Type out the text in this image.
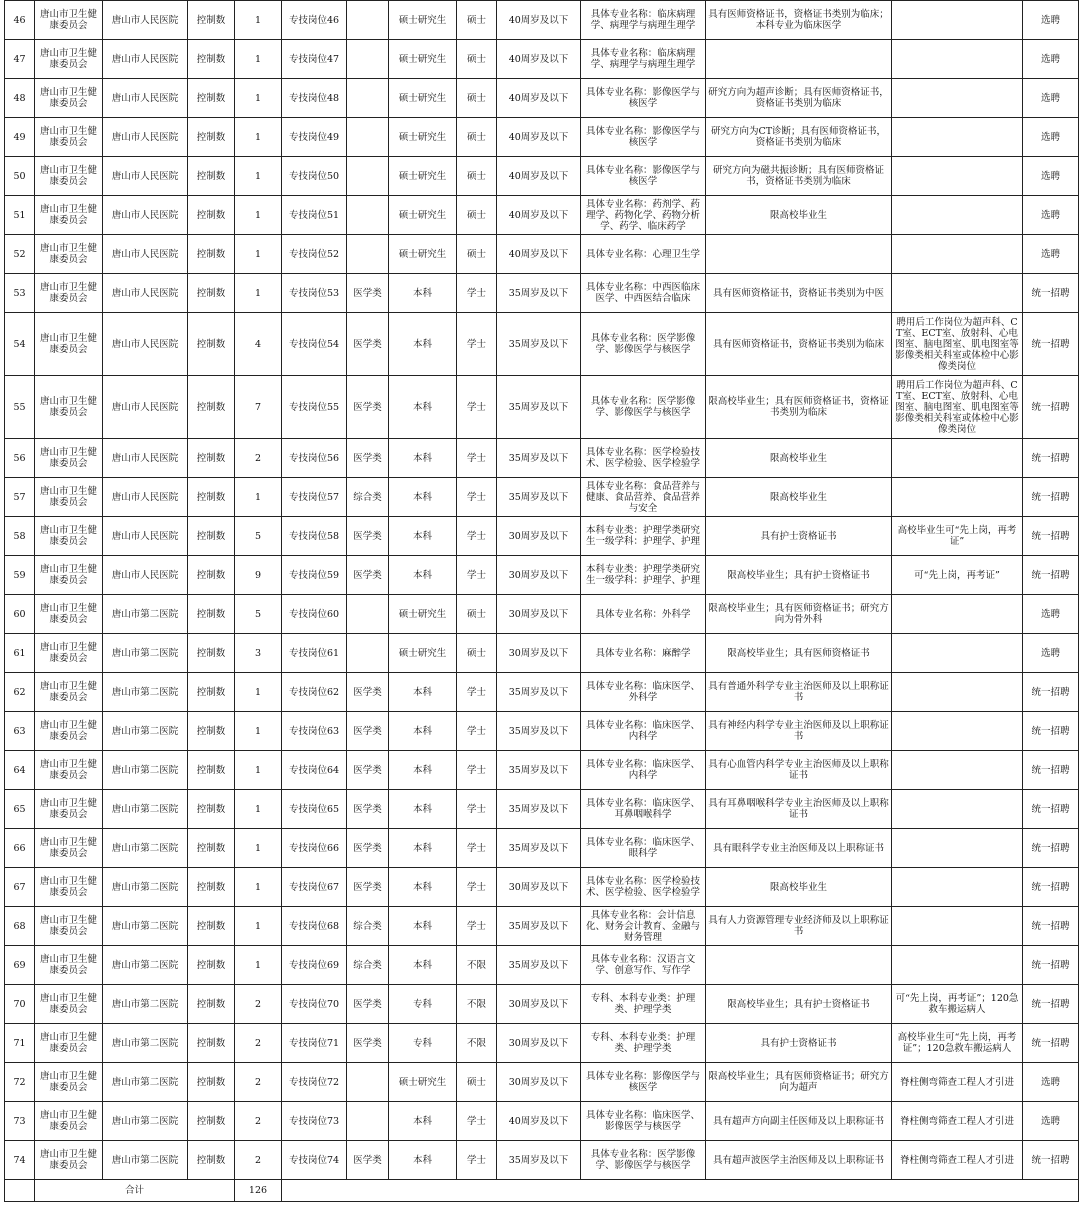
46	唐山市卫生健康委员会	唐山市人民医院	控制数	1	专技岗位46		硕士研究生	硕士	40周岁及以下	具体专业名称：临床病理学、病理学与病理生理学	具有医师资格证书，资格证书类别为临床；本科专业为临床医学		选聘
47	唐山市卫生健康委员会	唐山市人民医院	控制数	1	专技岗位47		硕士研究生	硕士	40周岁及以下	具体专业名称：临床病理学、病理学与病理生理学			选聘
48	唐山市卫生健康委员会	唐山市人民医院	控制数	1	专技岗位48		硕士研究生	硕士	40周岁及以下	具体专业名称：影像医学与核医学	研究方向为超声诊断；具有医师资格证书，资格证书类别为临床		选聘
49	唐山市卫生健康委员会	唐山市人民医院	控制数	1	专技岗位49		硕士研究生	硕士	40周岁及以下	具体专业名称：影像医学与核医学	研究方向为CT诊断；具有医师资格证书，资格证书类别为临床		选聘
50	唐山市卫生健康委员会	唐山市人民医院	控制数	1	专技岗位50		硕士研究生	硕士	40周岁及以下	具体专业名称：影像医学与核医学	研究方向为磁共振诊断；具有医师资格证书，资格证书类别为临床		选聘
51	唐山市卫生健康委员会	唐山市人民医院	控制数	1	专技岗位51		硕士研究生	硕士	40周岁及以下	具体专业名称：药剂学、药理学、药物化学、药物分析学、药学、临床药学	限高校毕业生		选聘
52	唐山市卫生健康委员会	唐山市人民医院	控制数	1	专技岗位52		硕士研究生	硕士	40周岁及以下	具体专业名称：心理卫生学			选聘
53	唐山市卫生健康委员会	唐山市人民医院	控制数	1	专技岗位53	医学类	本科	学士	35周岁及以下	具体专业名称：中西医临床医学、中西医结合临床	具有医师资格证书，资格证书类别为中医		统一招聘
54	唐山市卫生健康委员会	唐山市人民医院	控制数	4	专技岗位54	医学类	本科	学士	35周岁及以下	具体专业名称：医学影像学、影像医学与核医学	具有医师资格证书，资格证书类别为临床	聘用后工作岗位为超声科、CT室、ECT室、放射科、心电图室、脑电图室、肌电图室等影像类相关科室或体检中心影像类岗位	统一招聘
55	唐山市卫生健康委员会	唐山市人民医院	控制数	7	专技岗位55	医学类	本科	学士	35周岁及以下	具体专业名称：医学影像学、影像医学与核医学	限高校毕业生；具有医师资格证书，资格证书类别为临床	聘用后工作岗位为超声科、CT室、ECT室、放射科、心电图室、脑电图室、肌电图室等影像类相关科室或体检中心影像类岗位	统一招聘
56	唐山市卫生健康委员会	唐山市人民医院	控制数	2	专技岗位56	医学类	本科	学士	35周岁及以下	具体专业名称：医学检验技术、医学检验、医学检验学	限高校毕业生		统一招聘
57	唐山市卫生健康委员会	唐山市人民医院	控制数	1	专技岗位57	综合类	本科	学士	35周岁及以下	具体专业名称：食品营养与健康、食品营养、食品营养与安全	限高校毕业生		统一招聘
58	唐山市卫生健康委员会	唐山市人民医院	控制数	5	专技岗位58	医学类	本科	学士	30周岁及以下	本科专业类：护理学类研究生一级学科：护理学、护理	具有护士资格证书	高校毕业生可“先上岗，再考证”	统一招聘
59	唐山市卫生健康委员会	唐山市人民医院	控制数	9	专技岗位59	医学类	本科	学士	30周岁及以下	本科专业类：护理学类研究生一级学科：护理学、护理	限高校毕业生；具有护士资格证书	可“先上岗，再考证”	统一招聘
60	唐山市卫生健康委员会	唐山市第二医院	控制数	5	专技岗位60		硕士研究生	硕士	30周岁及以下	具体专业名称：外科学	限高校毕业生；具有医师资格证书；研究方向为骨外科		选聘
61	唐山市卫生健康委员会	唐山市第二医院	控制数	3	专技岗位61		硕士研究生	硕士	30周岁及以下	具体专业名称：麻醉学	限高校毕业生；具有医师资格证书		选聘
62	唐山市卫生健康委员会	唐山市第二医院	控制数	1	专技岗位62	医学类	本科	学士	35周岁及以下	具体专业名称：临床医学、外科学	具有普通外科学专业主治医师及以上职称证书		统一招聘
63	唐山市卫生健康委员会	唐山市第二医院	控制数	1	专技岗位63	医学类	本科	学士	35周岁及以下	具体专业名称：临床医学、内科学	具有神经内科学专业主治医师及以上职称证书		统一招聘
64	唐山市卫生健康委员会	唐山市第二医院	控制数	1	专技岗位64	医学类	本科	学士	35周岁及以下	具体专业名称：临床医学、内科学	具有心血管内科学专业主治医师及以上职称证书		统一招聘
65	唐山市卫生健康委员会	唐山市第二医院	控制数	1	专技岗位65	医学类	本科	学士	35周岁及以下	具体专业名称：临床医学、耳鼻咽喉科学	具有耳鼻咽喉科学专业主治医师及以上职称证书		统一招聘
66	唐山市卫生健康委员会	唐山市第二医院	控制数	1	专技岗位66	医学类	本科	学士	35周岁及以下	具体专业名称：临床医学、眼科学	具有眼科学专业主治医师及以上职称证书		统一招聘
67	唐山市卫生健康委员会	唐山市第二医院	控制数	1	专技岗位67	医学类	本科	学士	30周岁及以下	具体专业名称：医学检验技术、医学检验、医学检验学	限高校毕业生		统一招聘
68	唐山市卫生健康委员会	唐山市第二医院	控制数	1	专技岗位68	综合类	本科	学士	35周岁及以下	具体专业名称：会计信息化、财务会计教育、金融与财务管理	具有人力资源管理专业经济师及以上职称证书		统一招聘
69	唐山市卫生健康委员会	唐山市第二医院	控制数	1	专技岗位69	综合类	本科	不限	35周岁及以下	具体专业名称：汉语言文学、创意写作、写作学			统一招聘
70	唐山市卫生健康委员会	唐山市第二医院	控制数	2	专技岗位70	医学类	专科	不限	30周岁及以下	专科、本科专业类：护理类、护理学类	限高校毕业生；具有护士资格证书	可“先上岗，再考证”；120急救车搬运病人	统一招聘
71	唐山市卫生健康委员会	唐山市第二医院	控制数	2	专技岗位71	医学类	专科	不限	30周岁及以下	专科、本科专业类：护理类、护理学类	具有护士资格证书	高校毕业生可“先上岗，再考证”；120急救车搬运病人	统一招聘
72	唐山市卫生健康委员会	唐山市第二医院	控制数	2	专技岗位72		硕士研究生	硕士	30周岁及以下	具体专业名称：影像医学与核医学	限高校毕业生；具有医师资格证书；研究方向为超声	脊柱侧弯筛查工程人才引进	选聘
73	唐山市卫生健康委员会	唐山市第二医院	控制数	2	专技岗位73		本科	学士	40周岁及以下	具体专业名称：临床医学、影像医学与核医学	具有超声方向副主任医师及以上职称证书	脊柱侧弯筛查工程人才引进	选聘
74	唐山市卫生健康委员会	唐山市第二医院	控制数	2	专技岗位74	医学类	本科	学士	35周岁及以下	具体专业名称：医学影像学、影像医学与核医学	具有超声波医学主治医师及以上职称证书	脊柱侧弯筛查工程人才引进	统一招聘
	合计			126									
